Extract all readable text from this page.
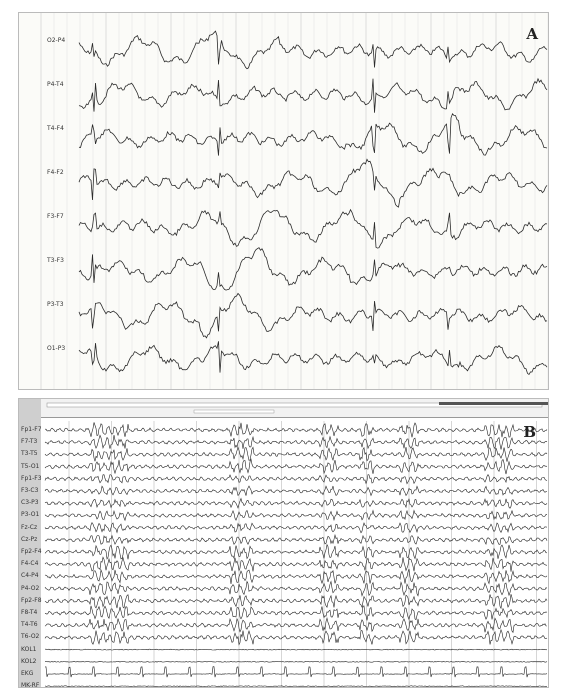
A
O2-P4
P4-T4
T4-F4
F4-F2
F3-F7
T3-F3
P3-T3
O1-P3
B
Fp1-F7
F7-T3
T3-T5
T5-O1
Fp1-F3
F3-C3
C3-P3
P3-O1
Fz-Cz
Cz-Pz
Fp2-F4
F4-C4
C4-P4
P4-O2
Fp2-F8
F8-T4
T4-T6
T6-O2
KOL1
KOL2
EKG
MK-RF
